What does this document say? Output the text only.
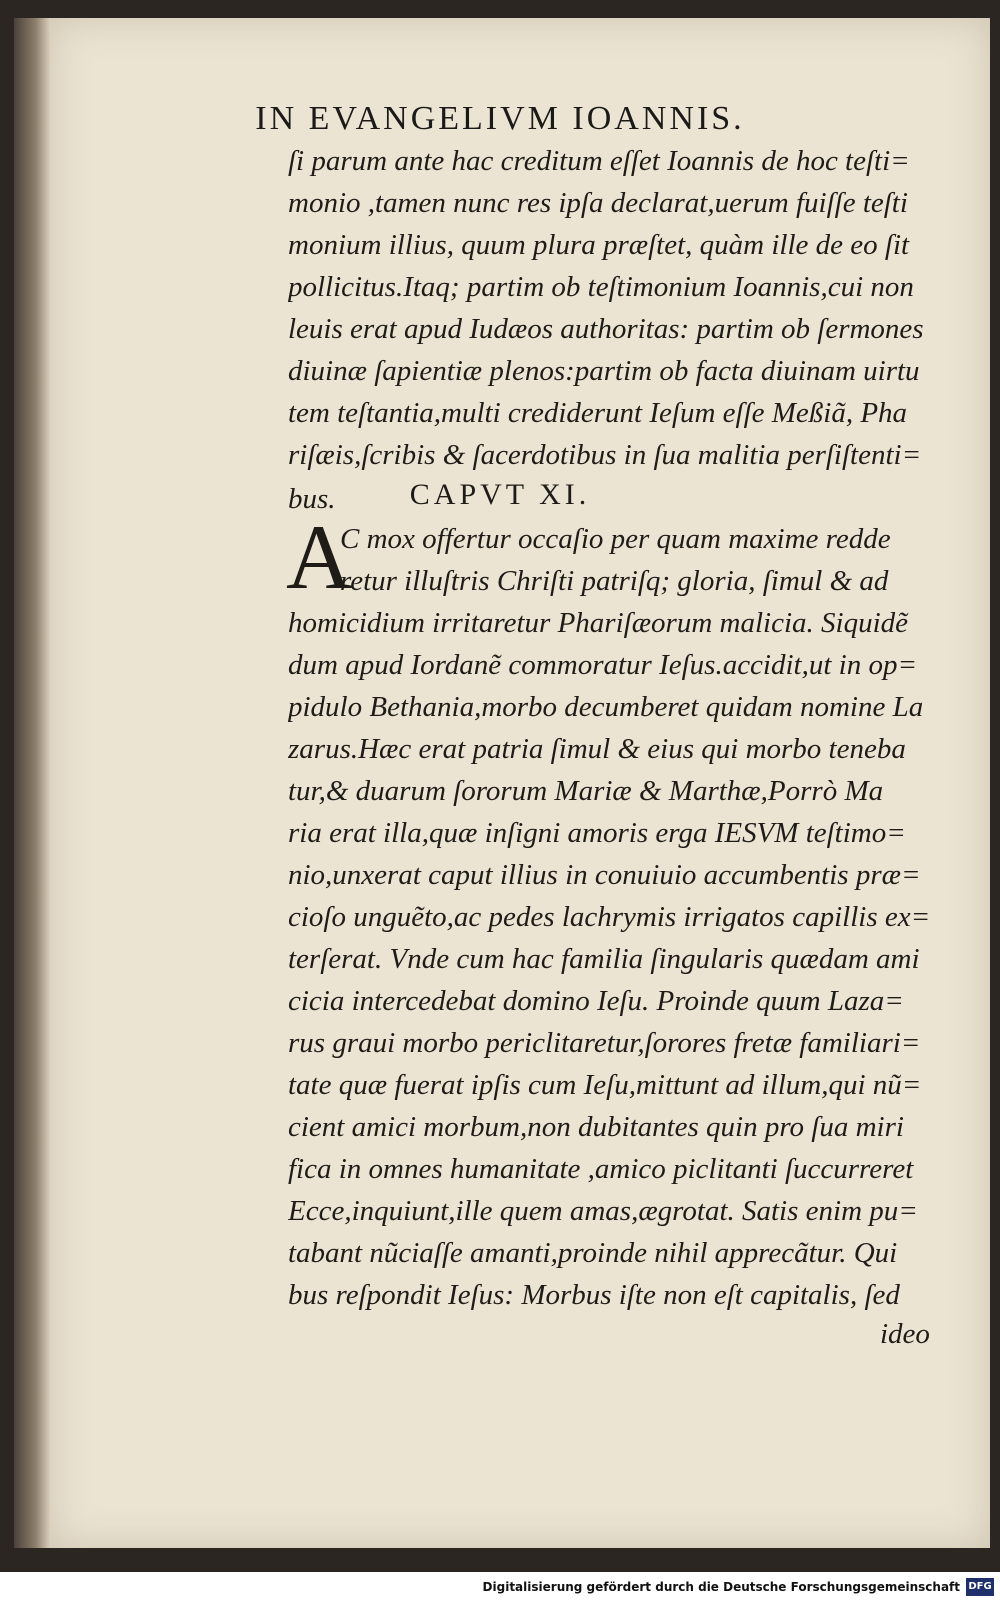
IN EVANGELIVM IOANNIS.
ſi parum ante hac creditum eſſet Ioannis de hoc teſti=
monio ,tamen nunc res ipſa declarat,uerum fuiſſe teſti
monium illius, quum plura præſtet, quàm ille de eo ſit
pollicitus.Itaq; partim ob teſtimonium Ioannis,cui non
leuis erat apud Iudæos authoritas: partim ob ſermones
diuinæ ſapientiæ plenos:partim ob facta diuinam uirtu
tem teſtantia,multi crediderunt Ieſum eſſe Meßiã, Pha
riſæis,ſcribis & ſacerdotibus in ſua malitia perſiſtenti=
bus.	CAPVT XI.
A
C mox offertur occaſio per quam maxime redde
retur illuſtris Chriſti patriſq; gloria, ſimul & ad
homicidium irritaretur Phariſæorum malicia. Siquidẽ
dum apud Iordanẽ commoratur Ieſus.accidit,ut in op=
pidulo Bethania,morbo decumberet quidam nomine La
zarus.Hæc erat patria ſimul & eius qui morbo teneba
tur,& duarum ſororum Mariæ & Marthæ,Porrò Ma
ria erat illa,quæ inſigni amoris erga IESVM teſtimo=
nio,unxerat caput illius in conuiuio accumbentis præ=
cioſo unguẽto,ac pedes lachrymis irrigatos capillis ex=
terſerat. Vnde cum hac familia ſingularis quædam ami
cicia intercedebat domino Ieſu. Proinde quum Laza=
rus graui morbo periclitaretur,ſorores fretæ familiari=
tate quæ fuerat ipſis cum Ieſu,mittunt ad illum,qui nũ=
cient amici morbum,non dubitantes quin pro ſua miri
fica in omnes humanitate ,amico piclitanti ſuccurreret
Ecce,inquiunt,ille quem amas,ægrotat. Satis enim pu=
tabant nũciaſſe amanti,proinde nihil apprecãtur. Qui
bus reſpondit Ieſus: Morbus iſte non eſt capitalis, ſed
ideo
Digitalisierung gefördert durch die Deutsche Forschungsgemeinschaft DFG
